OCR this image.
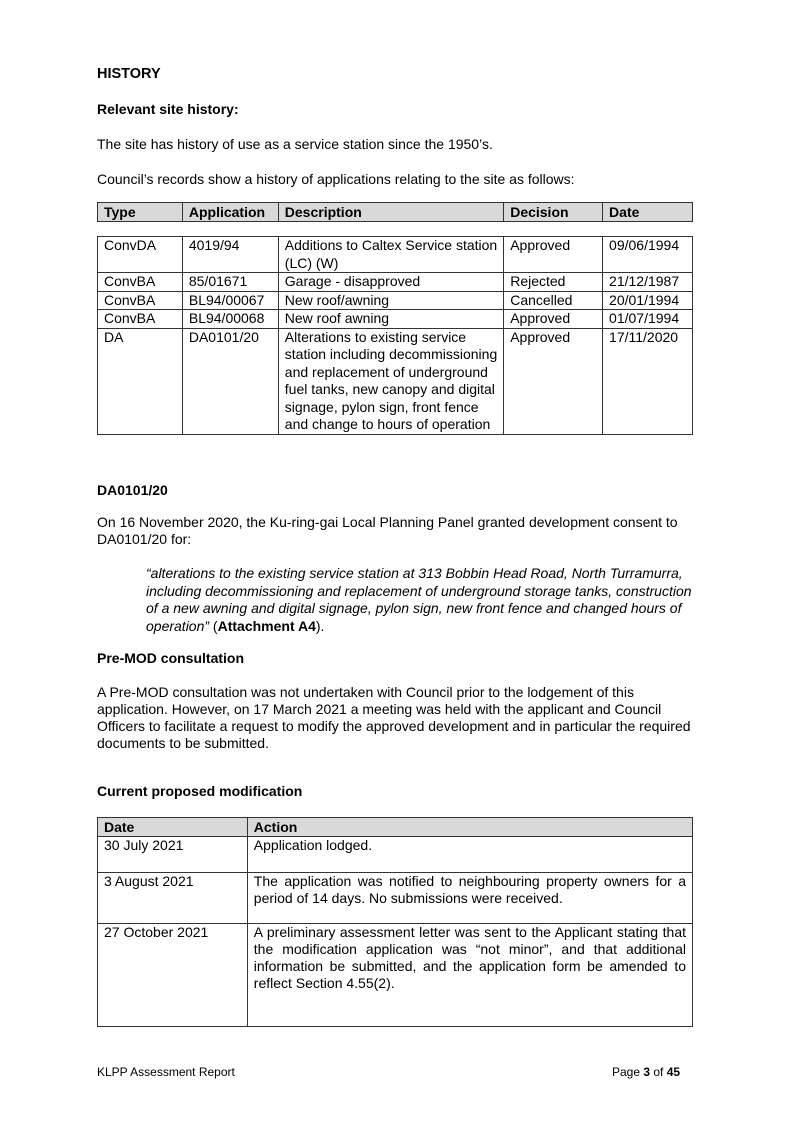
HISTORY

Relevant site history:

The site has history of use as a service station since the 1950’s.

Council’s records show a history of applications relating to the site as follows:

Type	Application	Description	Decision	Date

ConvDA	4019/94	Additions to Caltex Service station (LC) (W)	Approved	09/06/1994
ConvBA	85/01671	Garage - disapproved	Rejected	21/12/1987
ConvBA	BL94/00067	New roof/awning	Cancelled	20/01/1994
ConvBA	BL94/00068	New roof awning	Approved	01/07/1994
DA	DA0101/20	Alterations to existing service station including decommissioning and replacement of underground fuel tanks, new canopy and digital signage, pylon sign, front fence and change to hours of operation	Approved	17/11/2020

DA0101/20

On 16 November 2020, the Ku-ring-gai Local Planning Panel granted development consent to DA0101/20 for:

“alterations to the existing service station at 313 Bobbin Head Road, North Turramurra, including decommissioning and replacement of underground storage tanks, construction of a new awning and digital signage, pylon sign, new front fence and changed hours of operation” (Attachment A4).

Pre-MOD consultation

A Pre-MOD consultation was not undertaken with Council prior to the lodgement of this application. However, on 17 March 2021 a meeting was held with the applicant and Council Officers to facilitate a request to modify the approved development and in particular the required documents to be submitted.

Current proposed modification

Date	Action
30 July 2021	Application lodged.
3 August 2021	The application was notified to neighbouring property owners for a period of 14 days. No submissions were received.
27 October 2021	A preliminary assessment letter was sent to the Applicant stating that the modification application was “not minor”, and that additional information be submitted, and the application form be amended to reflect Section 4.55(2).
KLPP Assessment Report	Page 3 of 45
